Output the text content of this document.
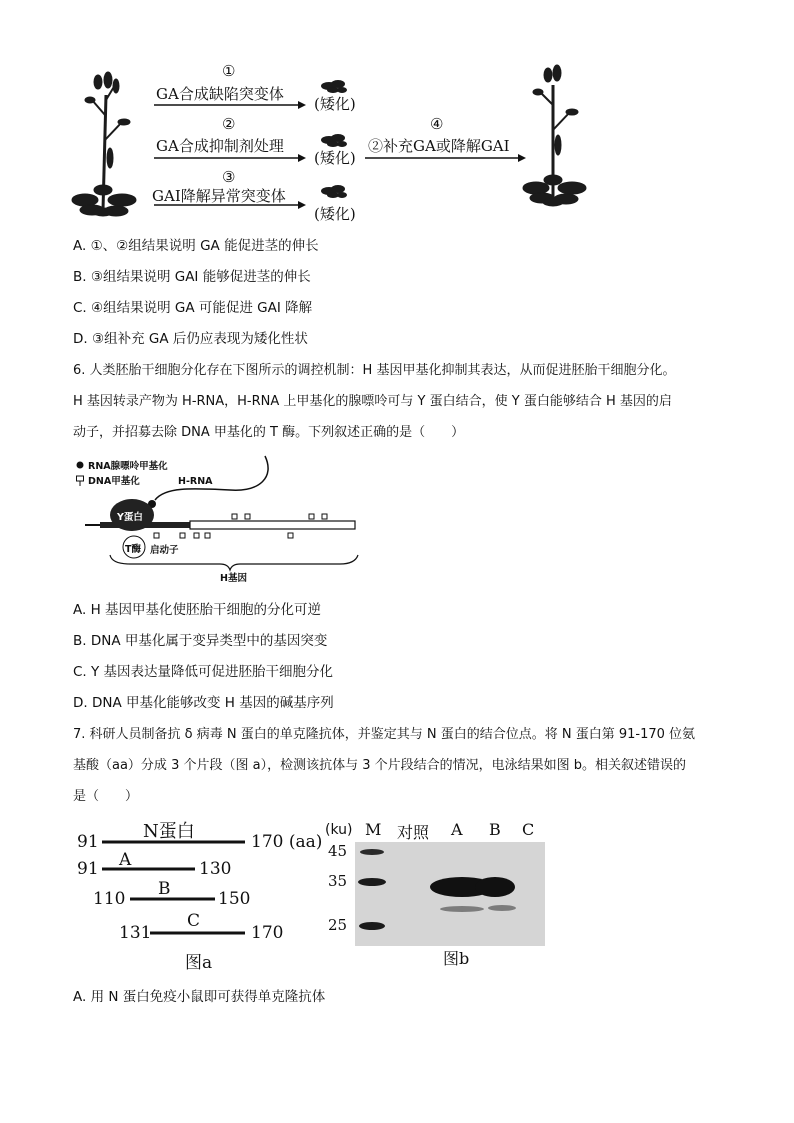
①
GA合成缺陷突变体
(矮化)
②
GA合成抑制剂处理
(矮化)
③
GAI降解异常突变体
(矮化)
④
②补充GA或降解GAI
A. ①、②组结果说明 GA 能促进茎的伸长
B. ③组结果说明 GAI 能够促进茎的伸长
C. ④组结果说明 GA 可能促进 GAI 降解
D. ③组补充 GA 后仍应表现为矮化性状
6. 人类胚胎干细胞分化存在下图所示的调控机制：H 基因甲基化抑制其表达，从而促进胚胎干细胞分化。
H 基因转录产物为 H-RNA，H-RNA 上甲基化的腺嘌呤可与 Y 蛋白结合，使 Y 蛋白能够结合 H 基因的启
动子，并招募去除 DNA 甲基化的 T 酶。下列叙述正确的是（　　）
RNA腺嘌呤甲基化
DNA甲基化	H-RNA
Y蛋白
T酶 启动子
H基因
A. H 基因甲基化使胚胎干细胞的分化可逆
B. DNA 甲基化属于变异类型中的基因突变
C. Y 基因表达量降低可促进胚胎干细胞分化
D. DNA 甲基化能够改变 H 基因的碱基序列
7. 科研人员制备抗 δ 病毒 N 蛋白的单克隆抗体，并鉴定其与 N 蛋白的结合位点。将 N 蛋白第 91-170 位氨
基酸（aa）分成 3 个片段（图 a），检测该抗体与 3 个片段结合的情况，电泳结果如图 b。相关叙述错误的
是（　　）
N蛋白
91	170 (aa)
A
91	130
B
110	150
C
131	170
图a
(ku) M 对照 A B C
45
35
25
图b
A. 用 N 蛋白免疫小鼠即可获得单克隆抗体
